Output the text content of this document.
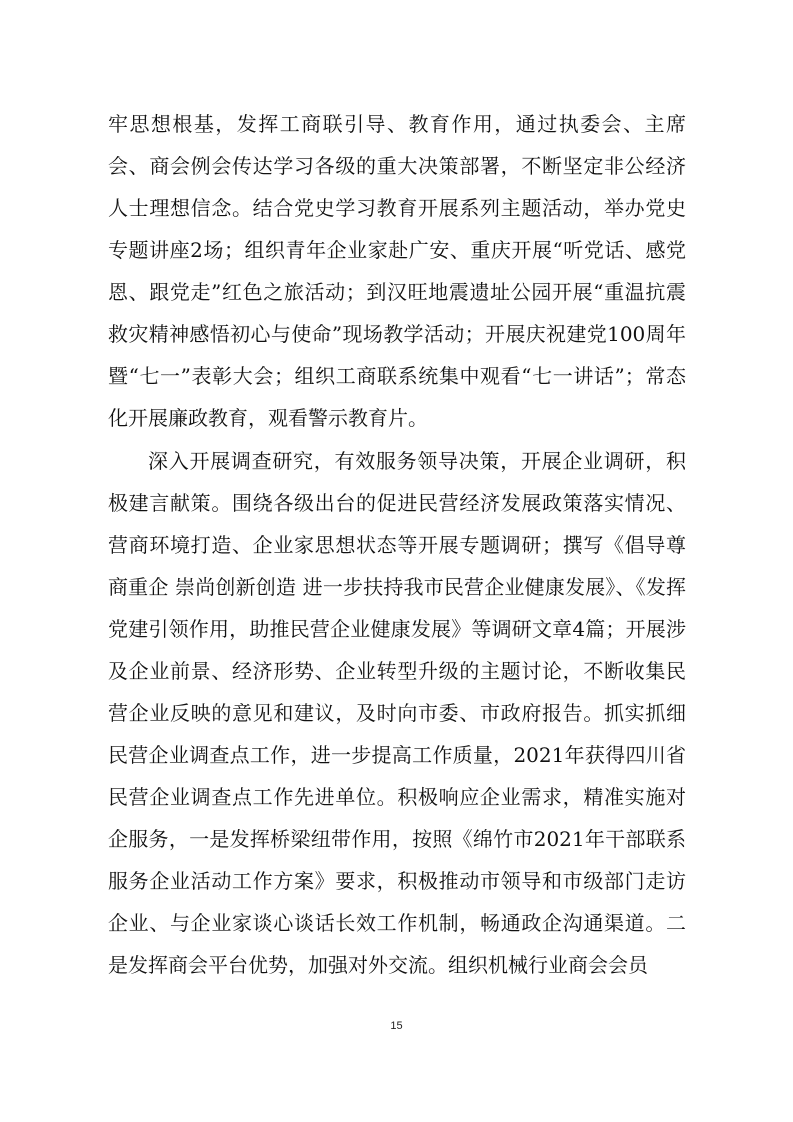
牢思想根基，发挥工商联引导、教育作用，通过执委会、主席会、商会例会传达学习各级的重大决策部署，不断坚定非公经济人士理想信念。结合党史学习教育开展系列主题活动，举办党史专题讲座2场；组织青年企业家赴广安、重庆开展“听党话、感党恩、跟党走”红色之旅活动；到汉旺地震遗址公园开展“重温抗震救灾精神感悟初心与使命”现场教学活动；开展庆祝建党100周年暨“七一”表彰大会；组织工商联系统集中观看“七一讲话”；常态化开展廉政教育，观看警示教育片。

深入开展调查研究，有效服务领导决策，开展企业调研，积极建言献策。围绕各级出台的促进民营经济发展政策落实情况、营商环境打造、企业家思想状态等开展专题调研；撰写《倡导尊商重企 崇尚创新创造 进一步扶持我市民营企业健康发展》、《发挥党建引领作用，助推民营企业健康发展》等调研文章4篇；开展涉及企业前景、经济形势、企业转型升级的主题讨论，不断收集民营企业反映的意见和建议，及时向市委、市政府报告。抓实抓细民营企业调查点工作，进一步提高工作质量，2021年获得四川省民营企业调查点工作先进单位。积极响应企业需求，精准实施对企服务，一是发挥桥梁纽带作用，按照《绵竹市2021年干部联系服务企业活动工作方案》要求，积极推动市领导和市级部门走访企业、与企业家谈心谈话长效工作机制，畅通政企沟通渠道。二是发挥商会平台优势，加强对外交流。组织机械行业商会会员

15
